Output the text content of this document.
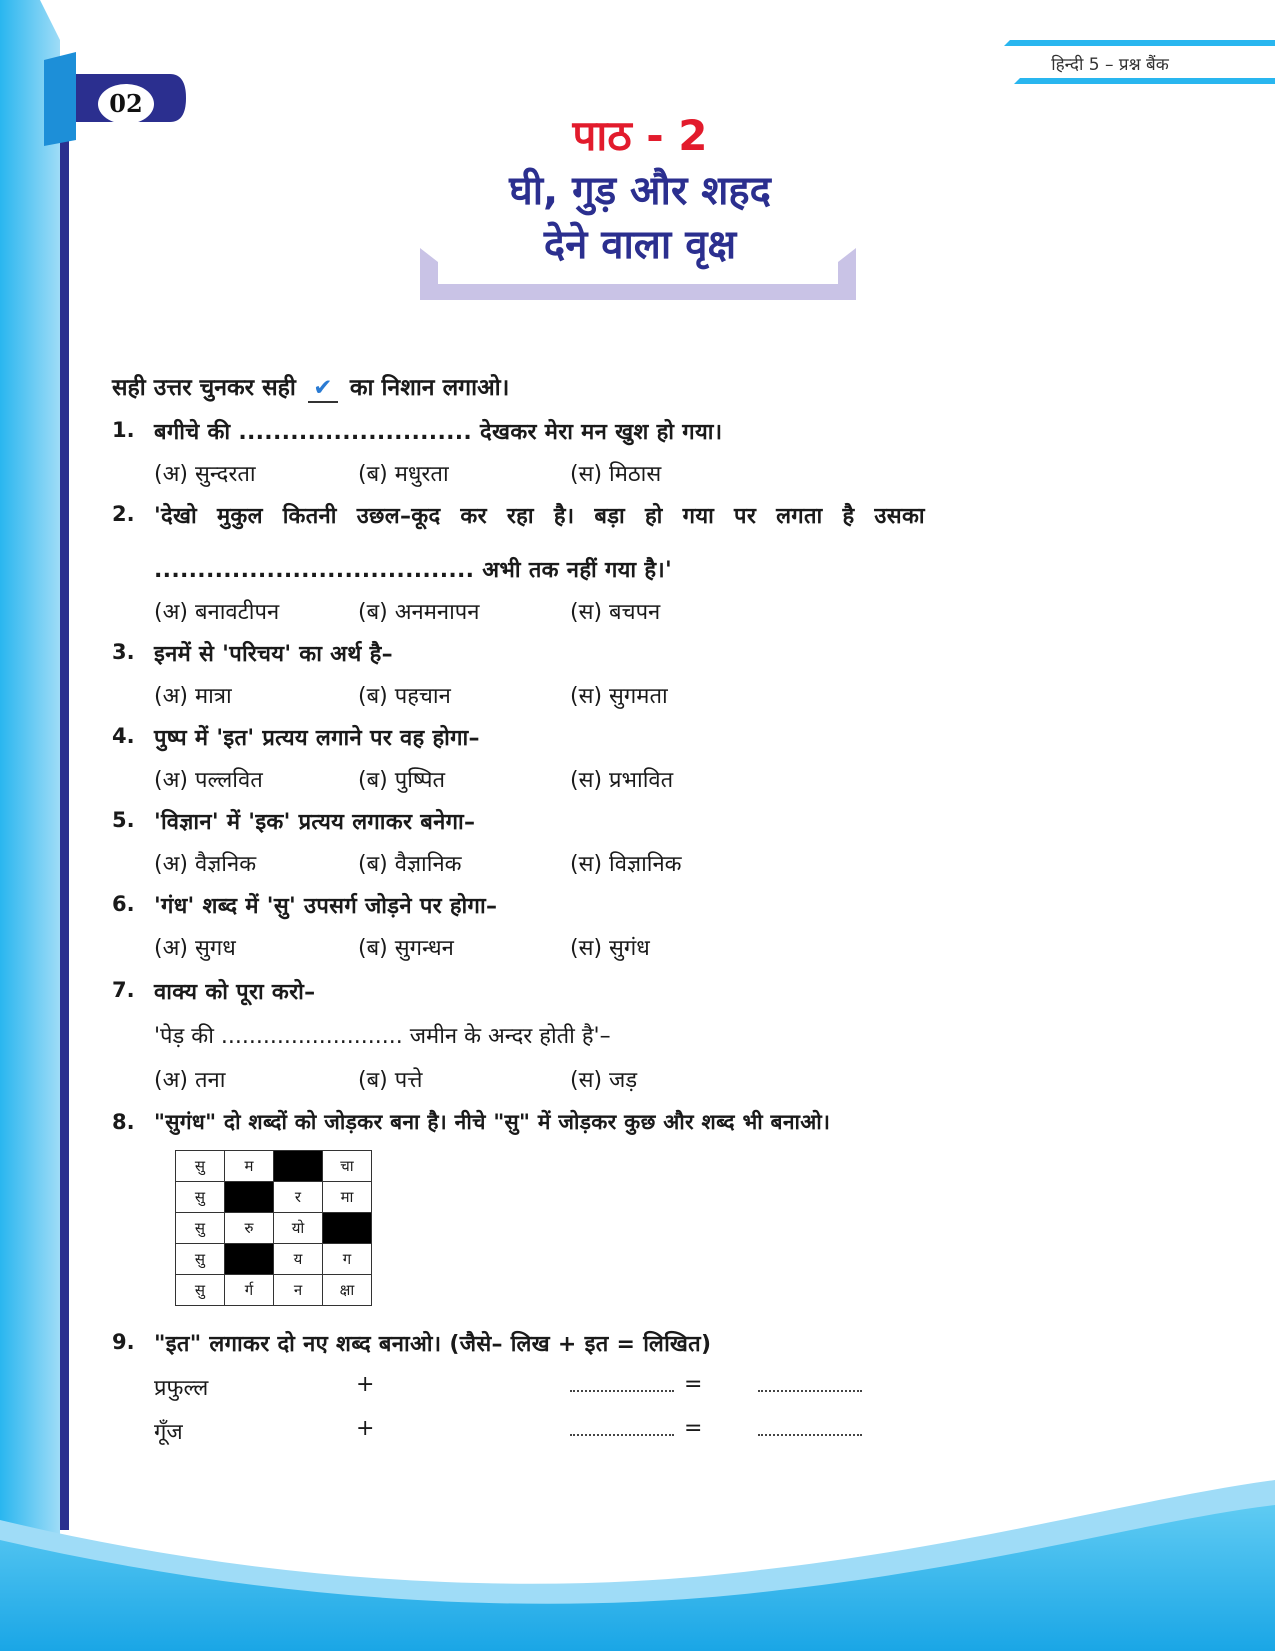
02
हिन्दी 5 – प्रश्न बैंक
पाठ - 2
घी, गुड़ और शहद
देने वाला वृक्ष
सही उत्तर चुनकर सही ✔ का निशान लगाओ।
1. बगीचे की ........................... देखकर मेरा मन खुश हो गया।
(अ) सुन्दरता	(ब) मधुरता	(स) मिठास
2. 'देखो मुकुल कितनी उछल–कूद कर रहा है। बड़ा हो गया पर लगता है उसका
..................................... अभी तक नहीं गया है।'
(अ) बनावटीपन	(ब) अनमनापन	(स) बचपन
3. इनमें से 'परिचय' का अर्थ है–
(अ) मात्रा	(ब) पहचान	(स) सुगमता
4. पुष्प में 'इत' प्रत्यय लगाने पर वह होगा–
(अ) पल्लवित	(ब) पुष्पित	(स) प्रभावित
5. 'विज्ञान' में 'इक' प्रत्यय लगाकर बनेगा–
(अ) वैज्ञनिक	(ब) वैज्ञानिक	(स) विज्ञानिक
6. 'गंध' शब्द में 'सु' उपसर्ग जोड़ने पर होगा–
(अ) सुगध	(ब) सुगन्धन	(स) सुगंध
7. वाक्य को पूरा करो–
'पेड़ की .......................... जमीन के अन्दर होती है'–
(अ) तना	(ब) पत्ते	(स) जड़
8. "सुगंध" दो शब्दों को जोड़कर बना है। नीचे "सु" में जोड़कर कुछ और शब्द भी बनाओ।
सु	म		चा
सु		र	मा
सु	रु	यो	
सु		य	ग
सु	र्ग	न	क्षा
9. "इत" लगाकर दो नए शब्द बनाओ। (जैसे– लिख + इत = लिखित)
प्रफुल्ल	+	=
गूँज	+	=
